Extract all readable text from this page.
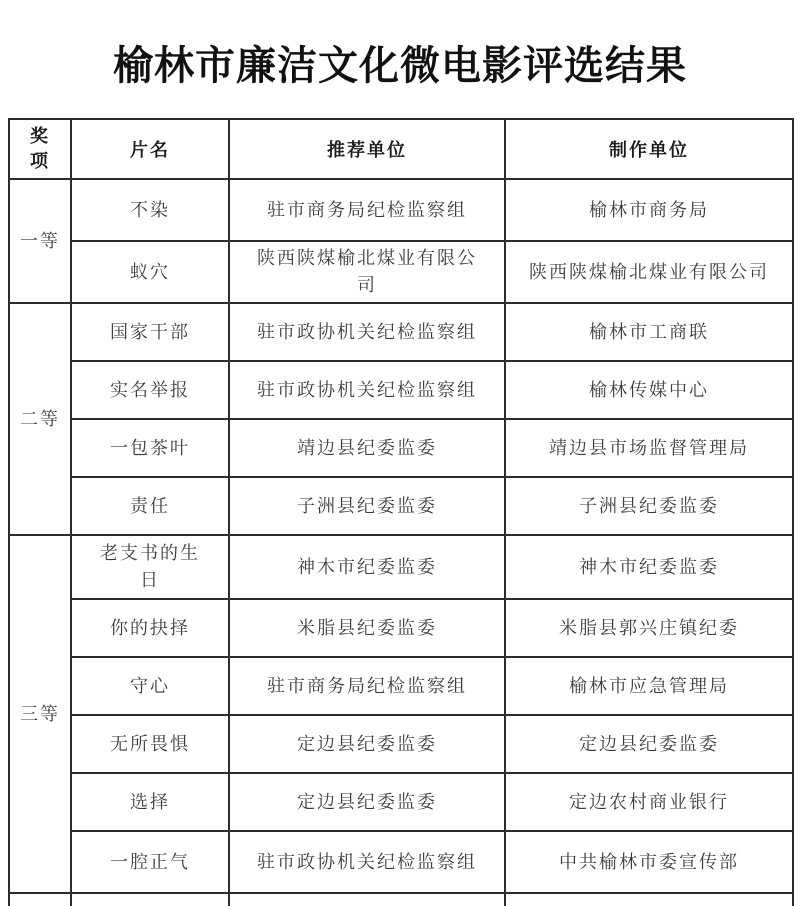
榆林市廉洁文化微电影评选结果
奖项	片名	推荐单位	制作单位
一等	不染	驻市商务局纪检监察组	榆林市商务局
	蚁穴	陕西陕煤榆北煤业有限公司	陕西陕煤榆北煤业有限公司
二等	国家干部	驻市政协机关纪检监察组	榆林市工商联
	实名举报	驻市政协机关纪检监察组	榆林传媒中心
	一包茶叶	靖边县纪委监委	靖边县市场监督管理局
	责任	子洲县纪委监委	子洲县纪委监委
三等	老支书的生日	神木市纪委监委	神木市纪委监委
	你的抉择	米脂县纪委监委	米脂县郭兴庄镇纪委
	守心	驻市商务局纪检监察组	榆林市应急管理局
	无所畏惧	定边县纪委监委	定边县纪委监委
	选择	定边县纪委监委	定边农村商业银行
	一腔正气	驻市政协机关纪检监察组	中共榆林市委宣传部
